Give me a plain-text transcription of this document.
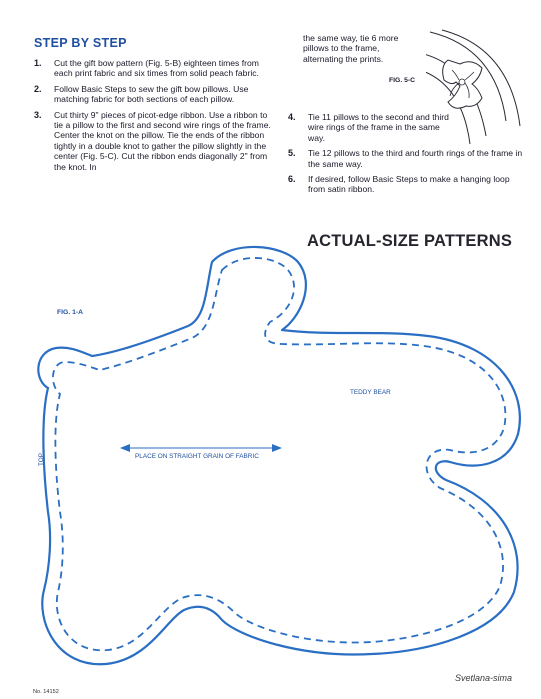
STEP BY STEP
1. Cut the gift bow pattern (Fig. 5-B) eighteen times from each print fabric and six times from solid peach fabric.
2. Follow Basic Steps to sew the gift bow pillows. Use matching fabric for both sections of each pillow.
3. Cut thirty 9" pieces of picot-edge ribbon. Use a ribbon to tie a pillow to the first and second wire rings of the frame. Center the knot on the pillow. Tie the ends of the ribbon tightly in a double knot to gather the pillow slightly in the center (Fig. 5-C). Cut the ribbon ends diagonally 2" from the knot. In
the same way, tie 6 more pillows to the frame, alternating the prints.
FIG. 5-C
4. Tie 11 pillows to the second and third wire rings of the frame in the same way.
5. Tie 12 pillows to the third and fourth rings of the frame in the same way.
6. If desired, follow Basic Steps to make a hanging loop from satin ribbon.
ACTUAL-SIZE PATTERNS
FIG. 1-A
TEDDY BEAR
PLACE ON STRAIGHT GRAIN OF FABRIC
TOP
No. 14152
Svetlana-sima
